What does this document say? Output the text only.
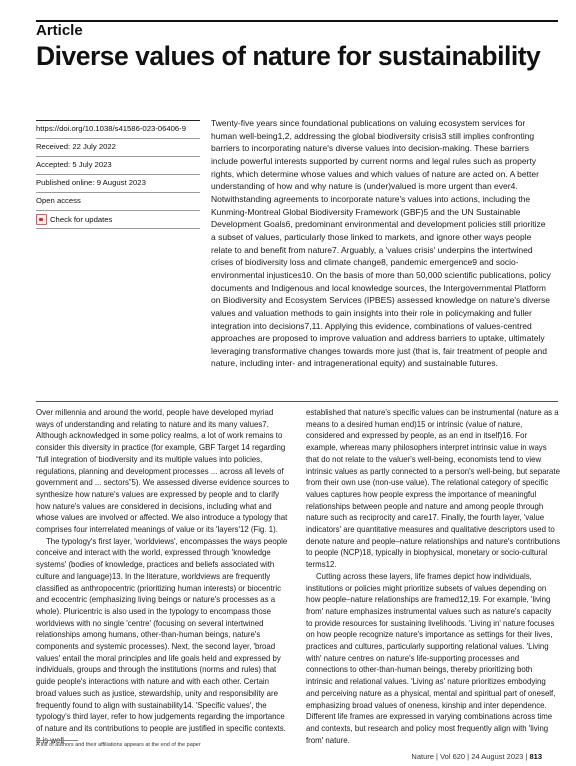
Article
Diverse values of nature for sustainability
https://doi.org/10.1038/s41586-023-06406-9
Received: 22 July 2022
Accepted: 5 July 2023
Published online: 9 August 2023
Open access
Check for updates

Twenty-five years since foundational publications on valuing ecosystem services for human well-being1,2, addressing the global biodiversity crisis3 still implies confronting barriers to incorporating nature's diverse values into decision-making. These barriers include powerful interests supported by current norms and legal rules such as property rights, which determine whose values and which values of nature are acted on. A better understanding of how and why nature is (under)valued is more urgent than ever4. Notwithstanding agreements to incorporate nature's values into actions, including the Kunming-Montreal Global Biodiversity Framework (GBF)5 and the UN Sustainable Development Goals6, predominant environmental and development policies still prioritize a subset of values, particularly those linked to markets, and ignore other ways people relate to and benefit from nature7. Arguably, a 'values crisis' underpins the intertwined crises of biodiversity loss and climate change8, pandemic emergence9 and socio-environmental injustices10. On the basis of more than 50,000 scientific publications, policy documents and Indigenous and local knowledge sources, the Intergovernmental Platform on Biodiversity and Ecosystem Services (IPBES) assessed knowledge on nature's diverse values and valuation methods to gain insights into their role in policymaking and fuller integration into decisions7,11. Applying this evidence, combinations of values-centred approaches are proposed to improve valuation and address barriers to uptake, ultimately leveraging transformative changes towards more just (that is, fair treatment of people and nature, including inter- and intragenerational equity) and sustainable futures.

Over millennia and around the world, people have developed myriad ways of understanding and relating to nature and its many values7. Although acknowledged in some policy realms, a lot of work remains to consider this diversity in practice (for example, GBF Target 14 regarding “full integration of biodiversity and its multiple values into policies, regulations, planning and development processes ... across all levels of government and ... sectors”5). We assessed diverse evidence sources to synthesize how nature's values are expressed by people and to clarify how nature's values are considered in decisions, including what and whose values are involved or affected. We also introduce a typology that comprises four interrelated meanings of value or its 'layers'12 (Fig. 1).

The typology's first layer, 'worldviews', encompasses the ways people conceive and interact with the world, expressed through 'knowledge systems' (bodies of knowledge, practices and beliefs associated with culture and language)13. In the literature, worldviews are frequently classified as anthropocentric (prioritizing human interests) or biocentric and ecocentric (emphasizing living beings or nature's processes as a whole). Pluricentric is also used in the typology to encompass those worldviews with no single 'centre' (focusing on several intertwined relationships among humans, other-than-human beings, nature's components and systemic processes). Next, the second layer, 'broad values' entail the moral principles and life goals held and expressed by individuals, groups and through the institutions (norms and rules) that guide people's interactions with nature and with each other. Certain broad values such as justice, stewardship, unity and responsibility are frequently found to align with sustainability14. 'Specific values', the typology's third layer, refer to how judgements regarding the importance of nature and its contributions to people are justified in specific contexts.

established that nature's specific values can be instrumental (nature as a means to a desired human end)15 or intrinsic (value of nature, considered and expressed by people, as an end in itself)16. For example, whereas many philosophers interpret intrinsic value in ways that do not relate to the valuer's well-being, economists tend to view intrinsic values as partly connected to a person's well-being, but separate from their own use (non-use value). The relational category of specific values captures how people express the importance of meaningful relationships between people and nature and among people through nature such as reciprocity and care17. Finally, the fourth layer, 'value indicators' are quantitative measures and qualitative descriptors used to denote nature and people–nature relationships and nature's contributions to people (NCP)18, typically in biophysical, monetary or socio-cultural terms12.

Cutting across these layers, life frames depict how individuals, institutions or policies might prioritize subsets of values depending on how people–nature relationships are framed12,19. For example, 'living from' nature emphasizes instrumental values such as nature's capacity to provide resources for sustaining livelihoods. 'Living in' nature focuses on how people recognize nature's importance as settings for their lives, practices and cultures, particularly supporting relational values. 'Living with' nature centres on nature's life-supporting processes and connections to other-than-human beings, thereby prioritizing both intrinsic and relational values. 'Living as' nature prioritizes embodying and perceiving nature as a physical, mental and spiritual part of oneself, emphasizing broad values of oneness, kinship and inter dependence. Different life frames are expressed in varying combinations across time and contexts, but research and policy most frequently align with 'living from' nature.

A list of authors and their affiliations appears at the end of the paper
Nature | Vol 620 | 24 August 2023 | 813
